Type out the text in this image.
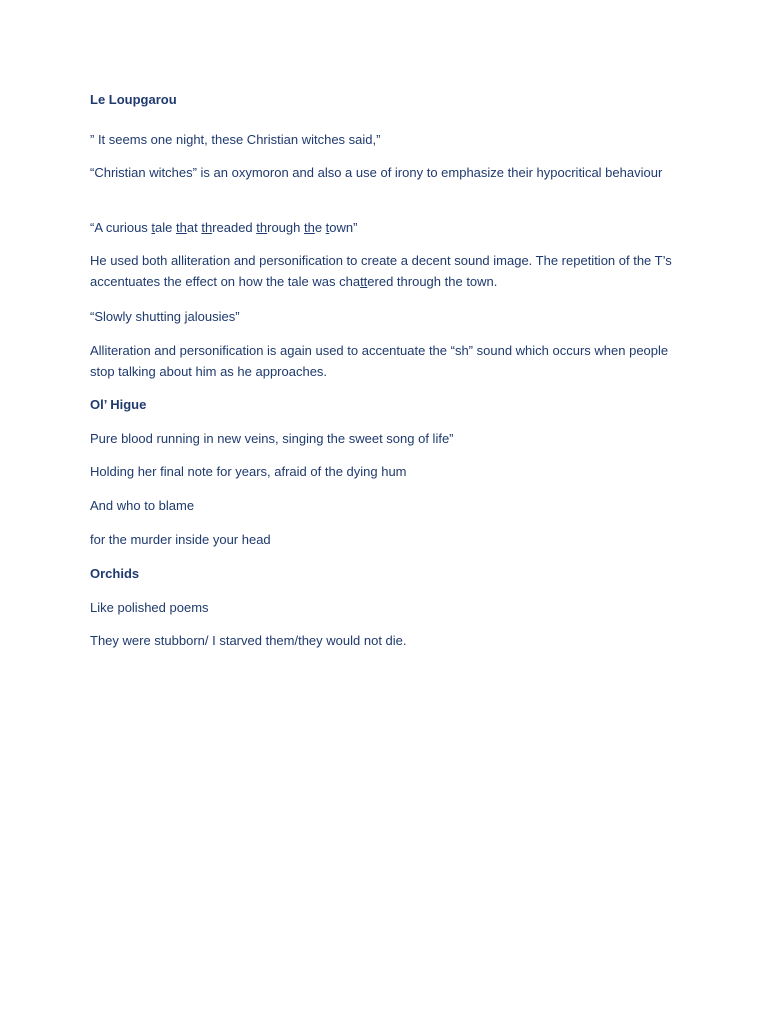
Le Loupgarou

” It seems one night, these Christian witches said,”

“Christian witches” is an oxymoron and also a use of irony to emphasize their hypocritical behaviour

“A curious tale that threaded through the town”

He used both alliteration and personification to create a decent sound image. The repetition of the T’s accentuates the effect on how the tale was chattered through the town.

“Slowly shutting jalousies”

Alliteration and personification is again used to accentuate the “sh” sound which occurs when people stop talking about him as he approaches.

Ol’ Higue

Pure blood running in new veins, singing the sweet song of life”

Holding her final note for years, afraid of the dying hum

And who to blame

for the murder inside your head

Orchids

Like polished poems

They were stubborn/ I starved them/they would not die.
